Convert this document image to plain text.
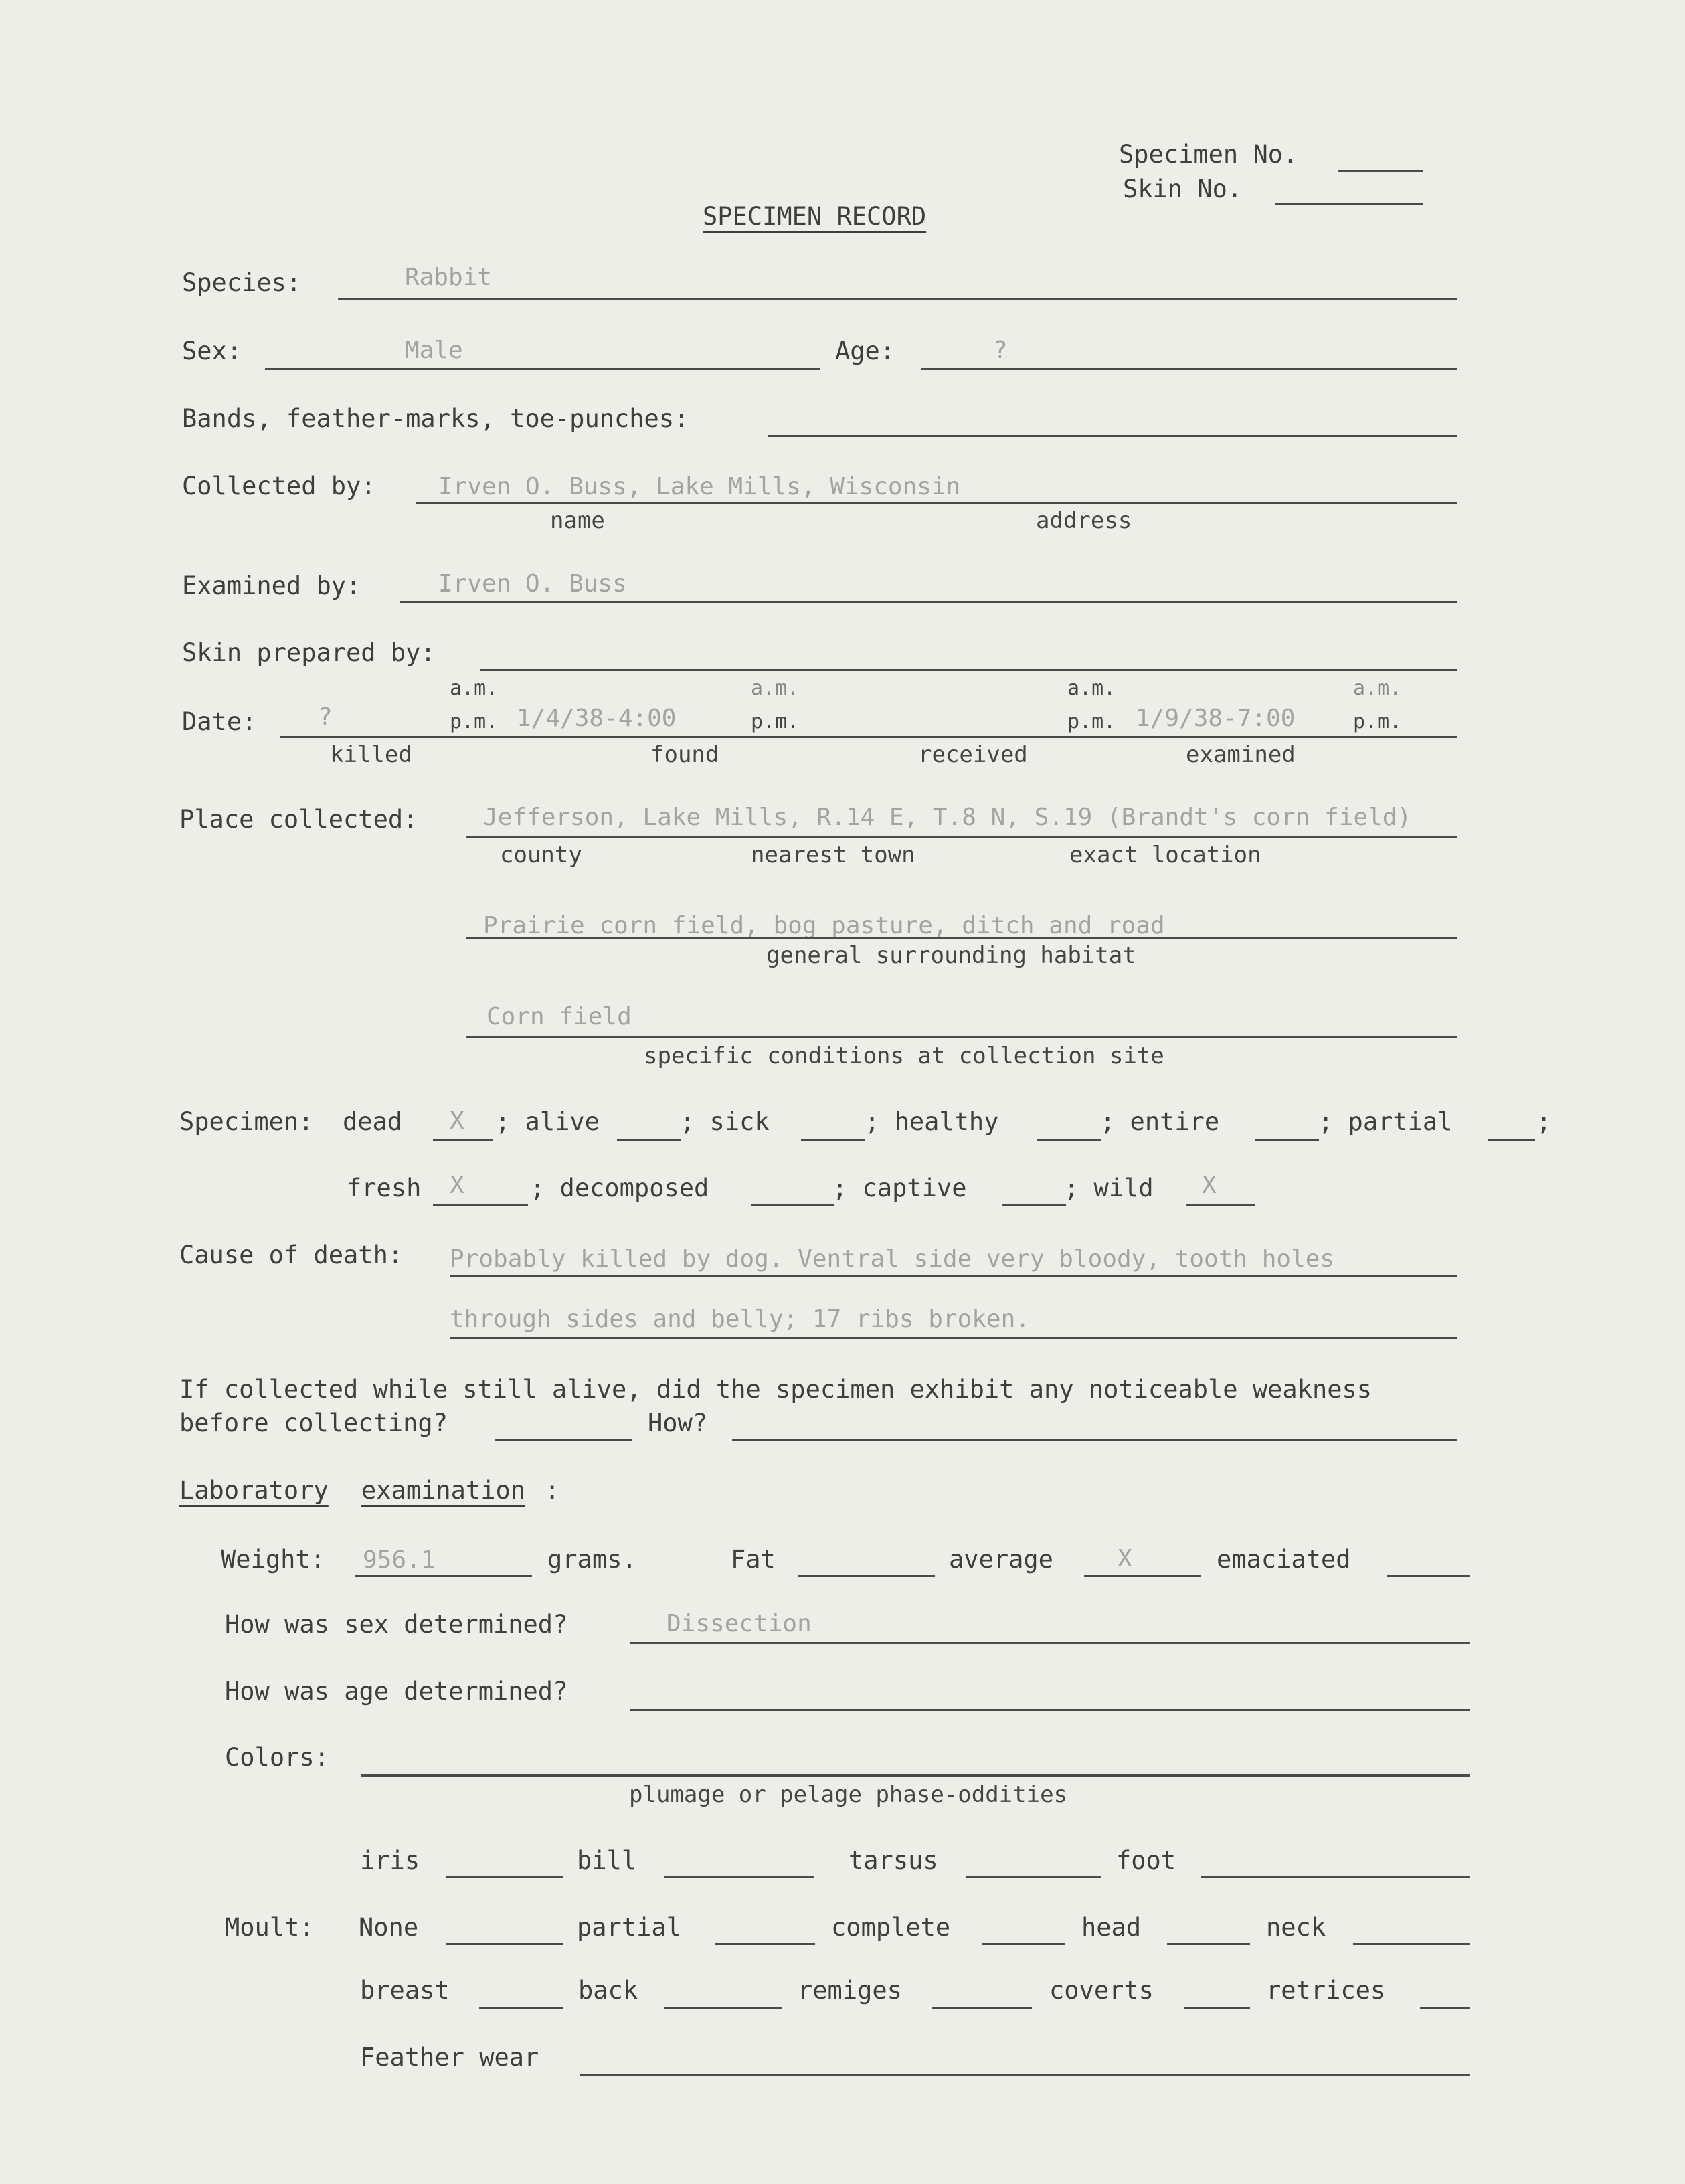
Specimen No.
Skin No.
SPECIMEN RECORD
Species:	Rabbit
Sex:	Male	Age:	?
Bands, feather-marks, toe-punches:
Collected by:	Irven O. Buss, Lake Mills, Wisconsin
name	address
Examined by:	Irven O. Buss
Skin prepared by:
a.m.	a.m.	a.m.	a.m.
Date:	?	p.m. 1/4/38-4:00	p.m.	p.m. 1/9/38-7:00	p.m.
killed	found	received	examined
Place collected:	Jefferson, Lake Mills, R.14 E, T.8 N, S.19 (Brandt's corn field)
county	nearest town	exact location
Prairie corn field, bog pasture, ditch and road
general surrounding habitat
Corn field
specific conditions at collection site
Specimen: dead X ; alive	; sick	; healthy	; entire	; partial	;
fresh X	; decomposed	; captive	; wild X
Cause of death: Probably killed by dog. Ventral side very bloody, tooth holes
through sides and belly; 17 ribs broken.
If collected while still alive, did the specimen exhibit any noticeable weakness
before collecting?	How?
Laboratory examination :
Weight: 956.1	grams.	Fat	average	X	emaciated
How was sex determined?	Dissection
How was age determined?
Colors:
plumage or pelage phase-oddities
iris	bill	tarsus	foot
Moult: None	partial	complete	head	neck
breast	back	remiges	coverts	retrices
Feather wear
